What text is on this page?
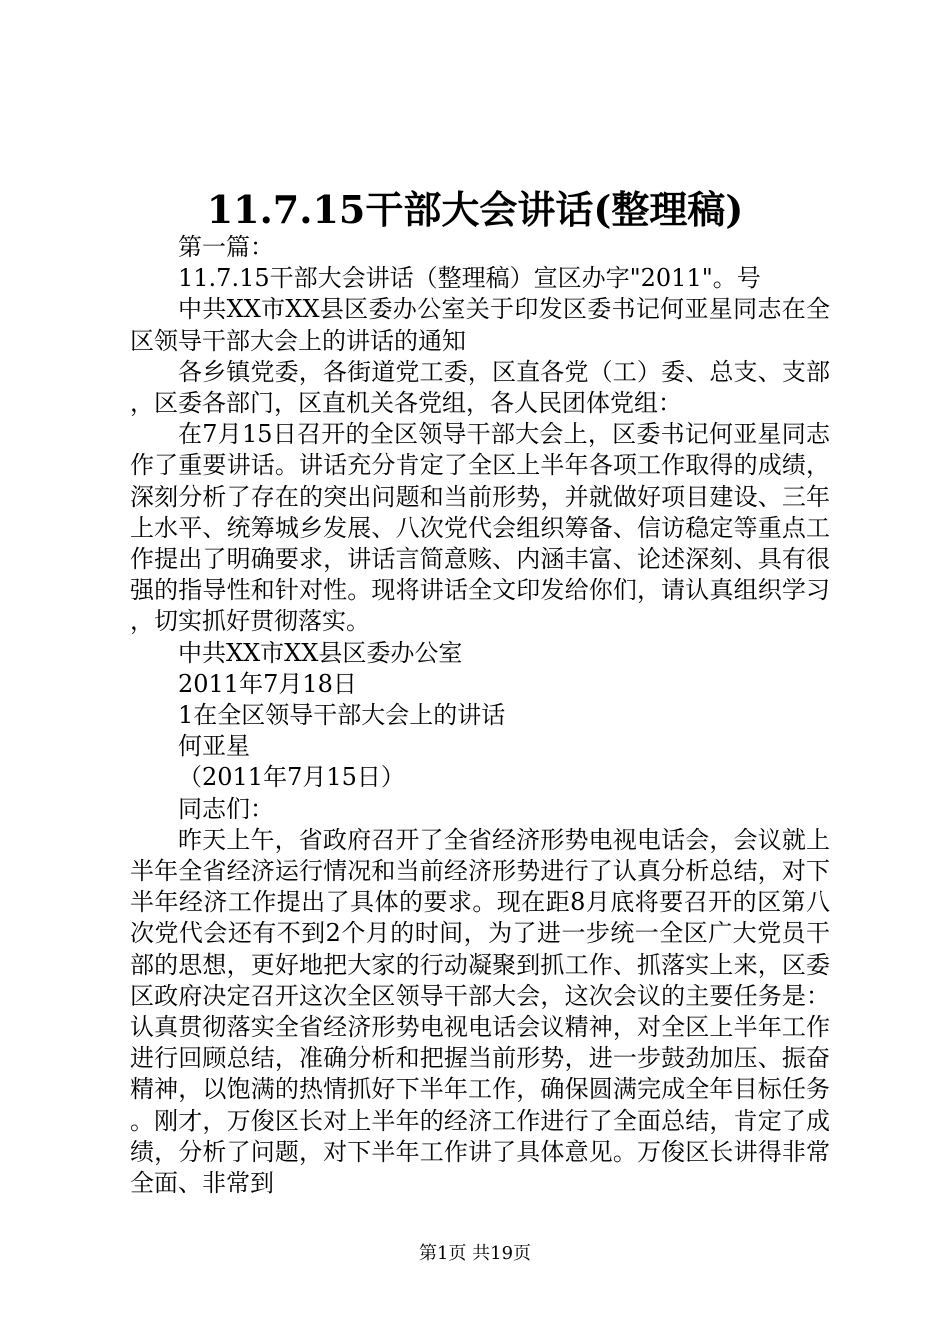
11.7.15干部大会讲话(整理稿)

第一篇：

11.7.15干部大会讲话（整理稿）宣区办字"2011"。号

中共XX市XX县区委办公室关于印发区委书记何亚星同志在全区领导干部大会上的讲话的通知

各乡镇党委，各街道党工委，区直各党（工）委、总支、支部，区委各部门，区直机关各党组，各人民团体党组：

在7月15日召开的全区领导干部大会上，区委书记何亚星同志作了重要讲话。讲话充分肯定了全区上半年各项工作取得的成绩，深刻分析了存在的突出问题和当前形势，并就做好项目建设、三年上水平、统筹城乡发展、八次党代会组织筹备、信访稳定等重点工作提出了明确要求，讲话言简意赅、内涵丰富、论述深刻、具有很强的指导性和针对性。现将讲话全文印发给你们，请认真组织学习，切实抓好贯彻落实。

中共XX市XX县区委办公室

2011年7月18日

1在全区领导干部大会上的讲话

何亚星

（2011年7月15日）

同志们：

昨天上午，省政府召开了全省经济形势电视电话会，会议就上半年全省经济运行情况和当前经济形势进行了认真分析总结，对下半年经济工作提出了具体的要求。现在距8月底将要召开的区第八次党代会还有不到2个月的时间，为了进一步统一全区广大党员干部的思想，更好地把大家的行动凝聚到抓工作、抓落实上来，区委区政府决定召开这次全区领导干部大会，这次会议的主要任务是：认真贯彻落实全省经济形势电视电话会议精神，对全区上半年工作进行回顾总结，准确分析和把握当前形势，进一步鼓劲加压、振奋精神，以饱满的热情抓好下半年工作，确保圆满完成全年目标任务。刚才，万俊区长对上半年的经济工作进行了全面总结，肯定了成绩，分析了问题，对下半年工作讲了具体意见。万俊区长讲得非常全面、非常到

第1页 共19页
